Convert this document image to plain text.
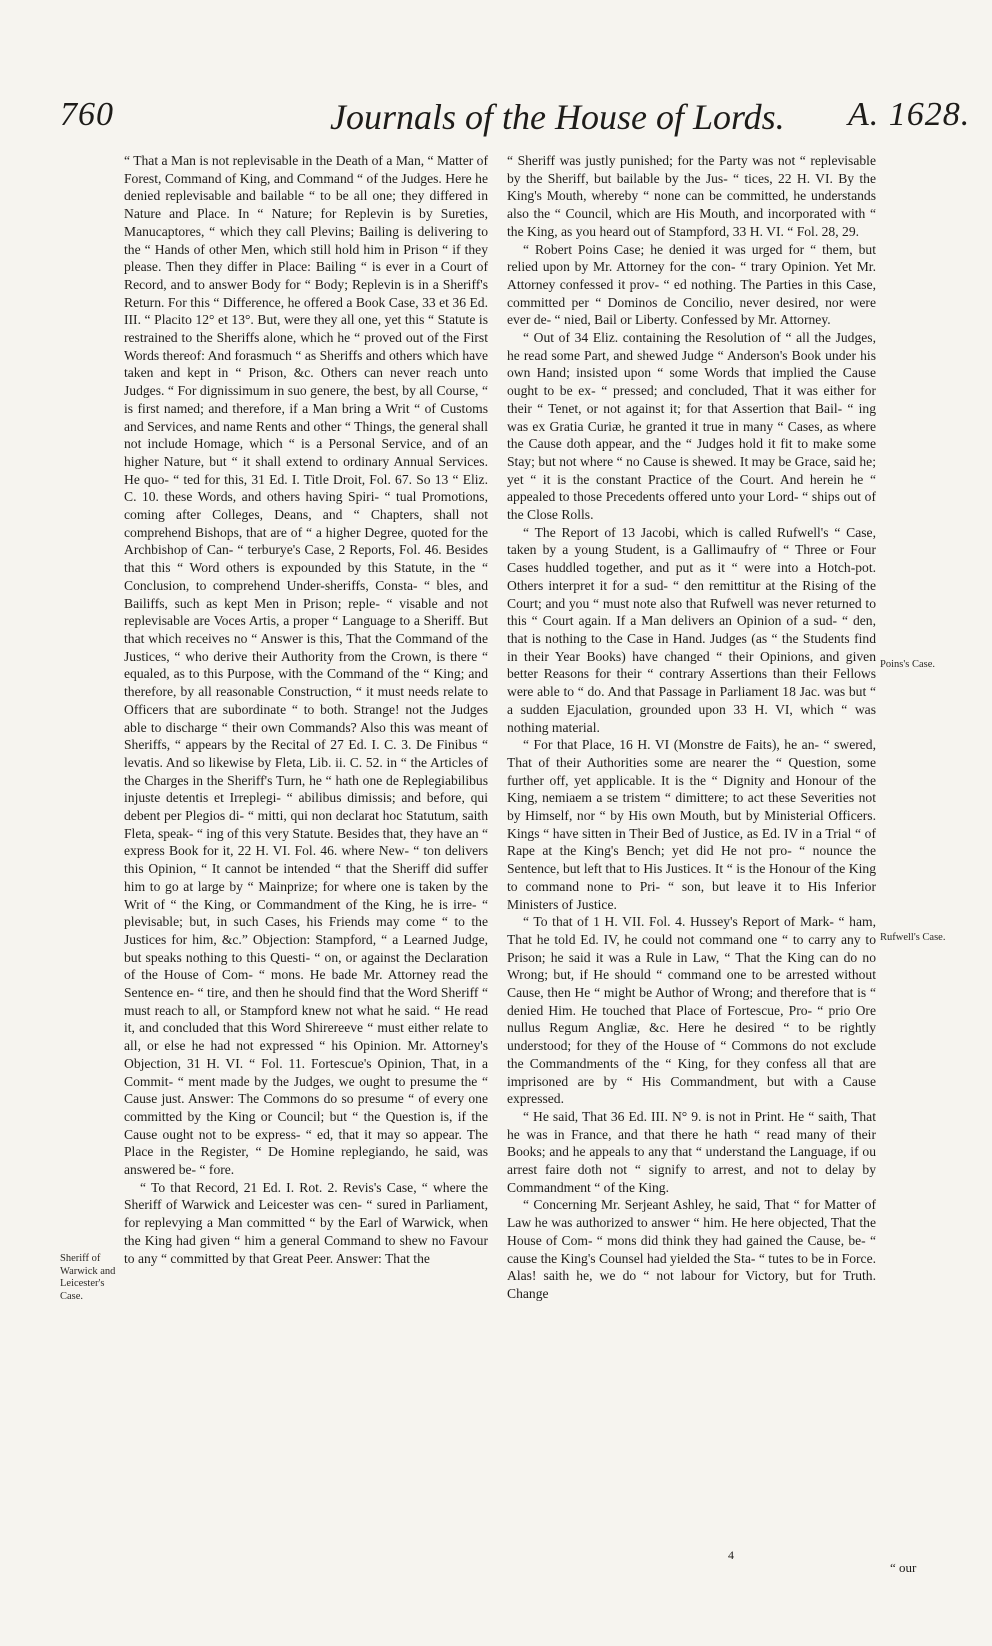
760	Journals of the House of Lords. A. 1628.
Sheriff of Warwick and Leicester's Case.
Poins's Case.
Rufwell's Case.

“ That a Man is not replevisable in the Death of a Man, “ Matter of Forest, Command of King, and Command “ of the Judges. Here he denied replevisable and bailable “ to be all one; they differed in Nature and Place. In “ Nature; for Replevin is by Sureties, Manucaptores, “ which they call Plevins; Bailing is delivering to the “ Hands of other Men, which still hold him in Prison “ if they please. Then they differ in Place: Bailing “ is ever in a Court of Record, and to answer Body for “ Body; Replevin is in a Sheriff's Return. For this “ Difference, he offered a Book Case, 33 et 36 Ed. III. “ Placito 12° et 13°. But, were they all one, yet this “ Statute is restrained to the Sheriffs alone, which he “ proved out of the First Words thereof: And forasmuch “ as Sheriffs and others which have taken and kept in “ Prison, &c. Others can never reach unto Judges. “ For dignissimum in suo genere, the best, by all Course, “ is first named; and therefore, if a Man bring a Writ “ of Customs and Services, and name Rents and other “ Things, the general shall not include Homage, which “ is a Personal Service, and of an higher Nature, but “ it shall extend to ordinary Annual Services. He quo- “ ted for this, 31 Ed. I. Title Droit, Fol. 67. So 13 “ Eliz. C. 10. these Words, and others having Spiri- “ tual Promotions, coming after Colleges, Deans, and “ Chapters, shall not comprehend Bishops, that are of “ a higher Degree, quoted for the Archbishop of Can- “ terburye's Case, 2 Reports, Fol. 46. Besides that this “ Word others is expounded by this Statute, in the “ Conclusion, to comprehend Under-sheriffs, Consta- “ bles, and Bailiffs, such as kept Men in Prison; reple- “ visable and not replevisable are Voces Artis, a proper “ Language to a Sheriff. But that which receives no “ Answer is this, That the Command of the Justices, “ who derive their Authority from the Crown, is there “ equaled, as to this Purpose, with the Command of the “ King; and therefore, by all reasonable Construction, “ it must needs relate to Officers that are subordinate “ to both. Strange! not the Judges able to discharge “ their own Commands? Also this was meant of Sheriffs, “ appears by the Recital of 27 Ed. I. C. 3. De Finibus “ levatis. And so likewise by Fleta, Lib. ii. C. 52. in “ the Articles of the Charges in the Sheriff's Turn, he “ hath one de Replegiabilibus injuste detentis et Irreplegi- “ abilibus dimissis; and before, qui debent per Plegios di- “ mitti, qui non declarat hoc Statutum, saith Fleta, speak- “ ing of this very Statute. Besides that, they have an “ express Book for it, 22 H. VI. Fol. 46. where New- “ ton delivers this Opinion, “ It cannot be intended “ that the Sheriff did suffer him to go at large by “ Mainprize; for where one is taken by the Writ of “ the King, or Commandment of the King, he is irre- “ plevisable; but, in such Cases, his Friends may come “ to the Justices for him, &c.” Objection: Stampford, “ a Learned Judge, but speaks nothing to this Questi- “ on, or against the Declaration of the House of Com- “ mons. He bade Mr. Attorney read the Sentence en- “ tire, and then he should find that the Word Sheriff “ must reach to all, or Stampford knew not what he said. “ He read it, and concluded that this Word Shirereeve “ must either relate to all, or else he had not expressed “ his Opinion. Mr. Attorney's Objection, 31 H. VI. “ Fol. 11. Fortescue's Opinion, That, in a Commit- “ ment made by the Judges, we ought to presume the “ Cause just. Answer: The Commons do so presume “ of every one committed by the King or Council; but “ the Question is, if the Cause ought not to be express- “ ed, that it may so appear. The Place in the Register, “ De Homine replegiando, he said, was answered be- “ fore.

“ To that Record, 21 Ed. I. Rot. 2. Revis's Case, “ where the Sheriff of Warwick and Leicester was cen- “ sured in Parliament, for replevying a Man committed “ by the Earl of Warwick, when the King had given “ him a general Command to shew no Favour to any “ committed by that Great Peer. Answer: That the

“ Sheriff was justly punished; for the Party was not “ replevisable by the Sheriff, but bailable by the Jus- “ tices, 22 H. VI. By the King's Mouth, whereby “ none can be committed, he understands also the “ Council, which are His Mouth, and incorporated with “ the King, as you heard out of Stampford, 33 H. VI. “ Fol. 28, 29.

“ Robert Poins Case; he denied it was urged for “ them, but relied upon by Mr. Attorney for the con- “ trary Opinion. Yet Mr. Attorney confessed it prov- “ ed nothing. The Parties in this Case, committed per “ Dominos de Concilio, never desired, nor were ever de- “ nied, Bail or Liberty. Confessed by Mr. Attorney.

“ Out of 34 Eliz. containing the Resolution of “ all the Judges, he read some Part, and shewed Judge “ Anderson's Book under his own Hand; insisted upon “ some Words that implied the Cause ought to be ex- “ pressed; and concluded, That it was either for their “ Tenet, or not against it; for that Assertion that Bail- “ ing was ex Gratia Curiæ, he granted it true in many “ Cases, as where the Cause doth appear, and the “ Judges hold it fit to make some Stay; but not where “ no Cause is shewed. It may be Grace, said he; yet “ it is the constant Practice of the Court. And herein he “ appealed to those Precedents offered unto your Lord- “ ships out of the Close Rolls.

“ The Report of 13 Jacobi, which is called Rufwell's “ Case, taken by a young Student, is a Gallimaufry of “ Three or Four Cases huddled together, and put as it “ were into a Hotch-pot. Others interpret it for a sud- “ den remittitur at the Rising of the Court; and you “ must note also that Rufwell was never returned to this “ Court again. If a Man delivers an Opinion of a sud- “ den, that is nothing to the Case in Hand. Judges (as “ the Students find in their Year Books) have changed “ their Opinions, and given better Reasons for their “ contrary Assertions than their Fellows were able to “ do. And that Passage in Parliament 18 Jac. was but “ a sudden Ejaculation, grounded upon 33 H. VI, which “ was nothing material.

“ For that Place, 16 H. VI (Monstre de Faits), he an- “ swered, That of their Authorities some are nearer the “ Question, some further off, yet applicable. It is the “ Dignity and Honour of the King, nemiaem a se tristem “ dimittere; to act these Severities not by Himself, nor “ by His own Mouth, but by Ministerial Officers. Kings “ have sitten in Their Bed of Justice, as Ed. IV in a Trial “ of Rape at the King's Bench; yet did He not pro- “ nounce the Sentence, but left that to His Justices. It “ is the Honour of the King to command none to Pri- “ son, but leave it to His Inferior Ministers of Justice.

“ To that of 1 H. VII. Fol. 4. Hussey's Report of Mark- “ ham, That he told Ed. IV, he could not command one “ to carry any to Prison; he said it was a Rule in Law, “ That the King can do no Wrong; but, if He should “ command one to be arrested without Cause, then He “ might be Author of Wrong; and therefore that is “ denied Him. He touched that Place of Fortescue, Pro- “ prio Ore nullus Regum Angliæ, &c. Here he desired “ to be rightly understood; for they of the House of “ Commons do not exclude the Commandments of the “ King, for they confess all that are imprisoned are by “ His Commandment, but with a Cause expressed.

“ He said, That 36 Ed. III. N° 9. is not in Print. He “ saith, That he was in France, and that there he hath “ read many of their Books; and he appeals to any that “ understand the Language, if ou arrest faire doth not “ signify to arrest, and not to delay by Commandment “ of the King.

“ Concerning Mr. Serjeant Ashley, he said, That “ for Matter of Law he was authorized to answer “ him. He here objected, That the House of Com- “ mons did think they had gained the Cause, be- “ cause the King's Counsel had yielded the Sta- “ tutes to be in Force. Alas! saith he, we do “ not labour for Victory, but for Truth. Change

4
“ our
